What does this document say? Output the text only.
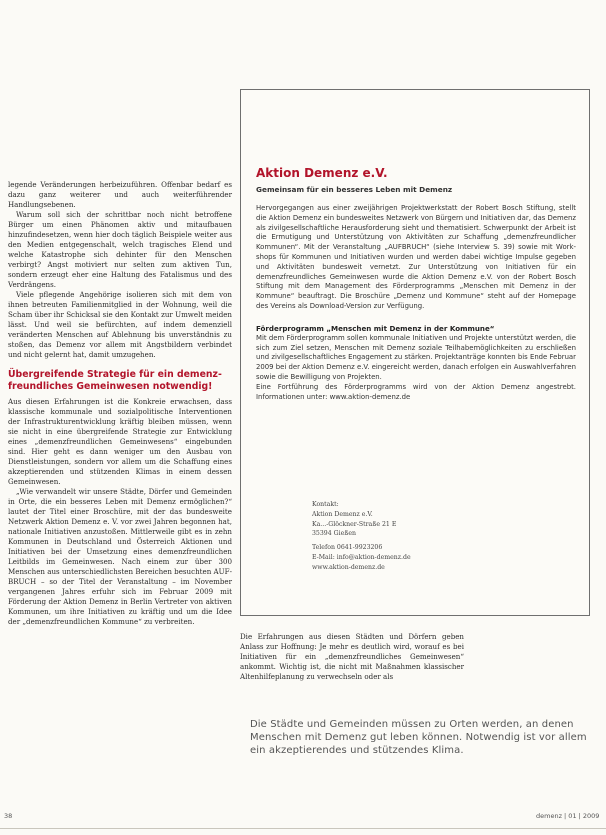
legende Veränderungen herbeizuführen. Offenbar bedarf es dazu ganz weiterer und auch weiterführender Handlungsebenen.

Warum soll sich der schrittbar noch nicht betroffene Bürger um einen Phänomen aktiv und mitaufbauen hinzufindesetzen, wenn hier doch täglich Beispiele weiter aus den Medien entgegenschalt, welch tragisches Elend und welche Katastrophe sich dehinter für den Menschen verbirgt? Angst motiviert nur selten zum aktiven Tun, sondern erzeugt eher eine Haltung des Fatalismus und des Verdrängens.

Viele pflegende Angehörige isolieren sich mit dem von ihnen betreuten Familienmitglied in der Wohnung, weil die Scham über ihr Schicksal sie den Kontakt zur Umwelt meiden lässt. Und weil sie befürchten, auf indem demenziell veränderten Menschen auf Ablehnung bis unverständnis zu stoßen, das Demenz vor allem mit Angstbildern verbindet und nicht gelernt hat, damit umzugehen.

Übergreifende Strategie für ein demenzfreundliches Gemeinwesen notwendig!

Aus diesen Erfahrungen ist die Konkreie erwachsen, dass klassische kommunale und sozialpolitische Interventionen der Infrastrukturentwicklung kräftig bleiben müssen, wenn sie nicht in eine übergreifende Strategie zur Entwicklung eines „demenzfreundlichen Gemeinwesens“ eingebunden sind. Hier geht es dann weniger um den Ausbau von Dienstleistungen, sondern vor allem um die Schaffung eines akzeptierenden und stützenden Klimas in einem dessen Gemeinwesen.

„Wie verwandelt wir unsere Städte, Dörfer und Gemeinden in Orte, die ein besseres Leben mit Demenz ermöglichen?“ lautet der Titel einer Broschüre, mit der das bundesweite Netzwerk Aktion Demenz e. V. vor zwei Jahren begonnen hat, nationale Initiativen anzustoßen. Mittlerweile gibt es in zehn Kommunen in Deutschland und Österreich Aktionen und Initiativen bei der Umsetzung eines demenzfreundlichen Leitbilds im Gemeinwesen. Nach einem zur über 300 Menschen aus unterschiedlichsten Bereichen besuchten AUFBRUCH – so der Titel der Veranstaltung – im November vergangenen Jahres erfuhr sich im Februar 2009 mit Förderung der Aktion Demenz in Berlin Vertreter von aktiven Kommunen, um ihre Initiativen zu kräftig und um die Idee der „demenzfreundlichen Kommune“ zu verbreiten.

Aktion Demenz e.V.
Gemeinsam für ein besseres Leben mit Demenz

Hervorgegangen aus einer zweijährigen Projektwerkstatt der Robert Bosch Stiftung, stellt die Aktion Demenz ein bundesweites Netzwerk von Bürgern und Initiativen dar, das Demenz als zivilgesellschaftliche Herausforderung sieht und thematisiert. Schwerpunkt der Arbeit ist die Ermutigung und Unterstützung von Aktivitäten zur Schaffung „demenzfreundlicher Kommunen“. Mit der Veranstaltung „AUFBRUCH“ (siehe Interview S. 39) sowie mit Workshops für Kommunen und Initiativen wurden und werden dabei wichtige Impulse gegeben und Aktivitäten bundesweit vernetzt. Zur Unterstützung von Initiativen für ein demenzfreundliches Gemeinwesen wurde die Aktion Demenz e.V. von der Robert Bosch Stiftung mit dem Management des Förderprogramms „Menschen mit Demenz in der Kommune“ beauftragt. Die Broschüre „Demenz und Kommune“ steht auf der Homepage des Vereins als Download-Version zur Verfügung.

Förderprogramm „Menschen mit Demenz in der Kommune“

Mit dem Förderprogramm sollen kommunale Initiativen und Projekte unterstützt werden, die sich zum Ziel setzen, Menschen mit Demenz soziale Teilhabemöglichkeiten zu erschließen und zivilgesellschaftliches Engagement zu stärken. Projektanträge konnten bis Ende Februar 2009 bei der Aktion Demenz e.V. eingereicht werden, danach erfolgen ein Auswahlverfahren sowie die Bewilligung von Projekten.

Eine Fortführung des Förderprogramms wird von der Aktion Demenz angestrebt. Informationen unter: www.aktion-demenz.de

Kontakt:
Aktion Demenz e.V.
Ka...-Glöckner-Straße 21 E
35394 Gießen
Telefon 0641-9923206
E-Mail: info@aktion-demenz.de
www.aktion-demenz.de

Die Erfahrungen aus diesen Städten und Dörfern geben Anlass zur Hoffnung: Je mehr es deutlich wird, worauf es bei Initiativen für ein „demenzfreundliches Gemeinwesen“ ankommt. Wichtig ist, die nicht mit Maßnahmen klassischer Altenhilfeplanung zu verwechseln oder als

Die Städte und Gemeinden müssen zu Orten werden, an denen Menschen mit Demenz gut leben können. Notwendig ist vor allem ein akzeptierendes und stützendes Klima.
38	demenz | 01 | 2009
